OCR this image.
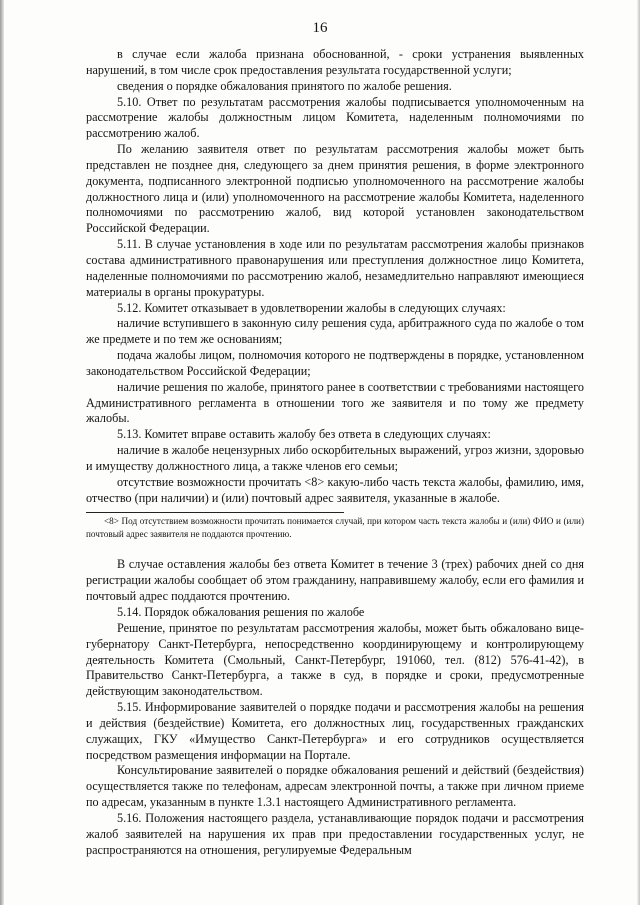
16

в случае если жалоба признана обоснованной, - сроки устранения выявленных нарушений, в том числе срок предоставления результата государственной услуги;

сведения о порядке обжалования принятого по жалобе решения.

5.10. Ответ по результатам рассмотрения жалобы подписывается уполномоченным на рассмотрение жалобы должностным лицом Комитета, наделенным полномочиями по рассмотрению жалоб.

По желанию заявителя ответ по результатам рассмотрения жалобы может быть представлен не позднее дня, следующего за днем принятия решения, в форме электронного документа, подписанного электронной подписью уполномоченного на рассмотрение жалобы должностного лица и (или) уполномоченного на рассмотрение жалобы Комитета, наделенного полномочиями по рассмотрению жалоб, вид которой установлен законодательством Российской Федерации.

5.11. В случае установления в ходе или по результатам рассмотрения жалобы признаков состава административного правонарушения или преступления должностное лицо Комитета, наделенные полномочиями по рассмотрению жалоб, незамедлительно направляют имеющиеся материалы в органы прокуратуры.

5.12. Комитет отказывает в удовлетворении жалобы в следующих случаях:

наличие вступившего в законную силу решения суда, арбитражного суда по жалобе о том же предмете и по тем же основаниям;

подача жалобы лицом, полномочия которого не подтверждены в порядке, установленном законодательством Российской Федерации;

наличие решения по жалобе, принятого ранее в соответствии с требованиями настоящего Административного регламента в отношении того же заявителя и по тому же предмету жалобы.

5.13. Комитет вправе оставить жалобу без ответа в следующих случаях:

наличие в жалобе нецензурных либо оскорбительных выражений, угроз жизни, здоровью и имуществу должностного лица, а также членов его семьи;

отсутствие возможности прочитать <8> какую-либо часть текста жалобы, фамилию, имя, отчество (при наличии) и (или) почтовый адрес заявителя, указанные в жалобе.

<8> Под отсутствием возможности прочитать понимается случай, при котором часть текста жалобы и (или) ФИО и (или) почтовый адрес заявителя не поддаются прочтению.

В случае оставления жалобы без ответа Комитет в течение 3 (трех) рабочих дней со дня регистрации жалобы сообщает об этом гражданину, направившему жалобу, если его фамилия и почтовый адрес поддаются прочтению.

5.14. Порядок обжалования решения по жалобе

Решение, принятое по результатам рассмотрения жалобы, может быть обжаловано вице-губернатору Санкт-Петербурга, непосредственно координирующему и контролирующему деятельность Комитета (Смольный, Санкт-Петербург, 191060, тел. (812) 576-41-42), в Правительство Санкт-Петербурга, а также в суд, в порядке и сроки, предусмотренные действующим законодательством.

5.15. Информирование заявителей о порядке подачи и рассмотрения жалобы на решения и действия (бездействие) Комитета, его должностных лиц, государственных гражданских служащих, ГКУ «Имущество Санкт-Петербурга» и его сотрудников осуществляется посредством размещения информации на Портале.

Консультирование заявителей о порядке обжалования решений и действий (бездействия) осуществляется также по телефонам, адресам электронной почты, а также при личном приеме по адресам, указанным в пункте 1.3.1 настоящего Административного регламента.

5.16. Положения настоящего раздела, устанавливающие порядок подачи и рассмотрения жалоб заявителей на нарушения их прав при предоставлении государственных услуг, не распространяются на отношения, регулируемые Федеральным
